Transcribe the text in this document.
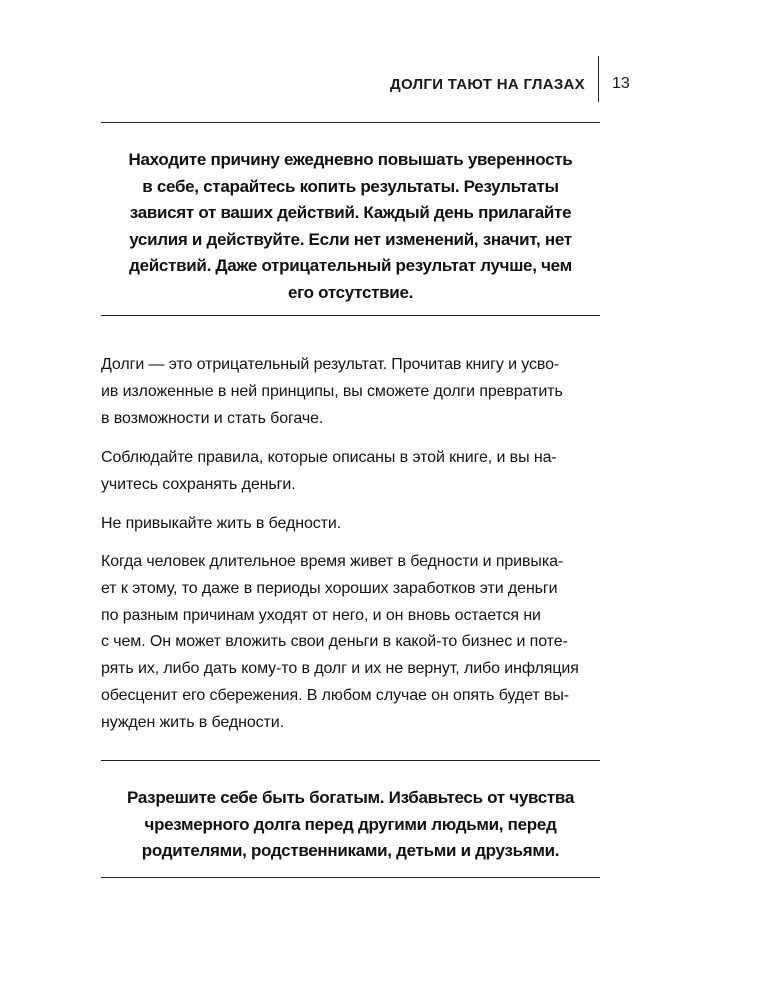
ДОЛГИ ТАЮТ НА ГЛАЗАХ 13
Находите причину ежедневно повышать уверенность
в себе, старайтесь копить результаты. Результаты
зависят от ваших действий. Каждый день прилагайте
усилия и действуйте. Если нет изменений, значит, нет
действий. Даже отрицательный результат лучше, чем
его отсутствие.
Долги — это отрицательный результат. Прочитав книгу и усво-
ив изложенные в ней принципы, вы сможете долги превратить
в возможности и стать богаче.
Соблюдайте правила, которые описаны в этой книге, и вы на-
учитесь сохранять деньги.
Не привыкайте жить в бедности.
Когда человек длительное время живет в бедности и привыка-
ет к этому, то даже в периоды хороших заработков эти деньги
по разным причинам уходят от него, и он вновь остается ни
с чем. Он может вложить свои деньги в какой-то бизнес и поте-
рять их, либо дать кому-то в долг и их не вернут, либо инфляция
обесценит его сбережения. В любом случае он опять будет вы-
нужден жить в бедности.
Разрешите себе быть богатым. Избавьтесь от чувства
чрезмерного долга перед другими людьми, перед
родителями, родственниками, детьми и друзьями.
